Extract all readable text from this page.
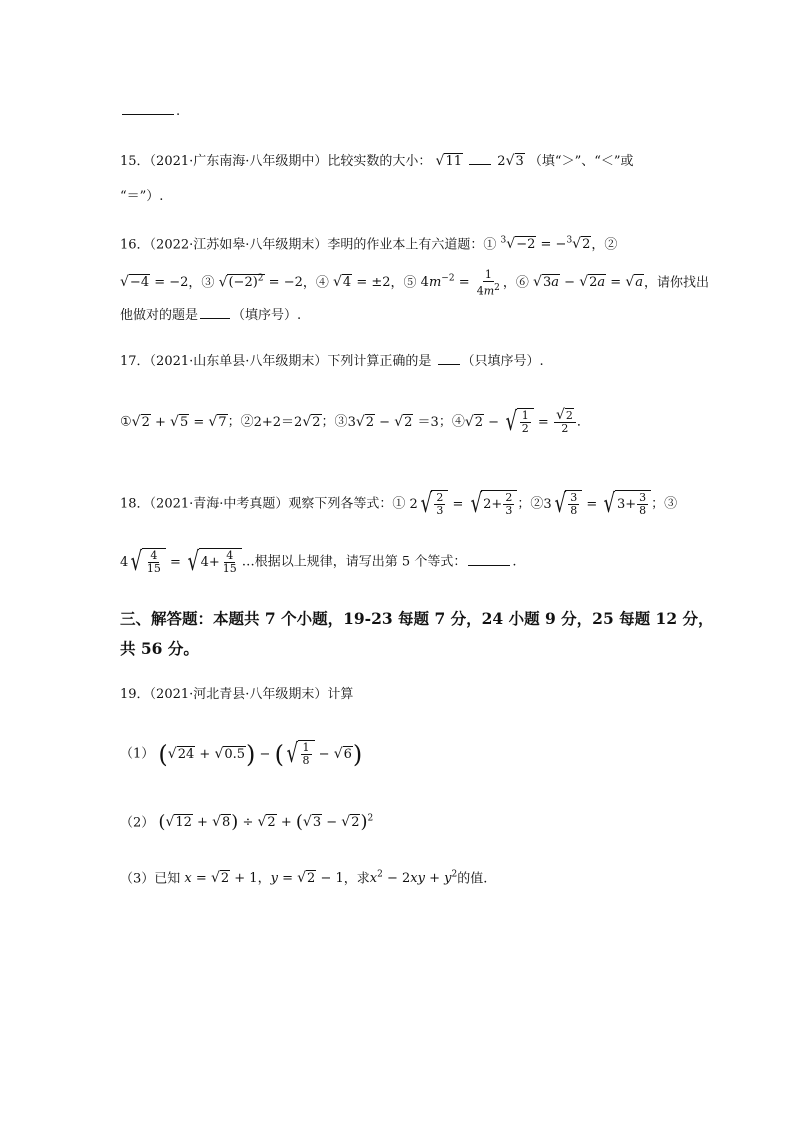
.
15．（2021·广东南海·八年级期中）比较实数的大小： √11	2√3 （填“＞”、“＜”或
“＝”）.
16．（2022·江苏如皋·八年级期末）李明的作业本上有六道题：① $^3$√−2 = −$^3$√2，②
√−4 = −2，③ $√(-2)^2 = -2$，④ √4 = ±2，⑤ $4m^{-2} = \frac{1}{4m^2}$ ，⑥ √3a − √2a = √a，请你找出
他做对的题是	（填序号）.
17．（2021·山东单县·八年级期末）下列计算正确的是 （只填序号）.
①√2 + √5 = √7；②2+2＝2√2；③3√2 − √2 ＝3；④√2 − √ $\frac{1}{2} = \frac{√2}{2}$ ．
18．（2021·青海·中考真题）观察下列各等式：① 2 √ $\frac{2}{3}$ = √ $2+ \frac{2}{3}$ ；②3 √ $\frac{3}{8}$ = √ $3+ \frac{3}{8}$ ；③
4 √ $\frac{4}{15}$ = √ $4+ \frac{4}{15}$ …根据以上规律，请写出第 5 个等式：	.
三、解答题：本题共 7 个小题，19-23 每题 7 分，24 小题 9 分，25 每题 12 分，
共 56 分。
19．（2021·河北青县·八年级期末）计算
（1） (√24 + √0.5) − ( √ $\frac{1}{8} - √6$)
（2） $(√12 + √8) \div √2 + (√3 - √2)^2$
（3）已知 x = √2 + 1，y = √2 − 1，求$x^2 - 2xy + y^2$的值.
